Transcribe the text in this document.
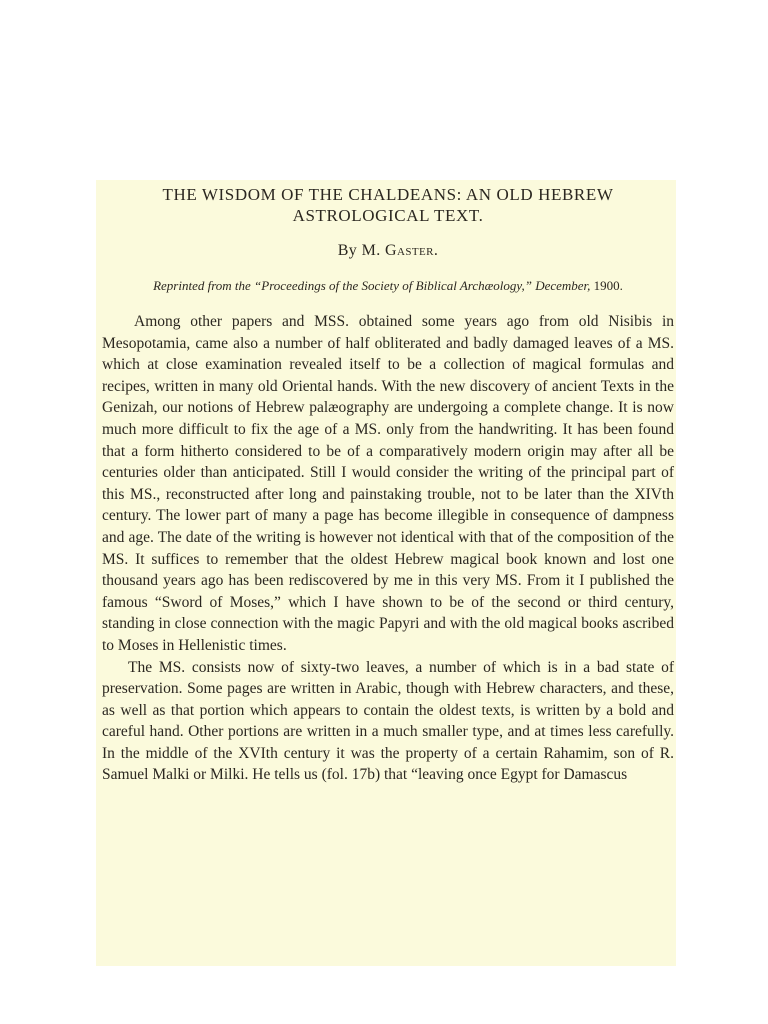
THE WISDOM OF THE CHALDEANS: AN OLD HEBREW
ASTROLOGICAL TEXT.
By M. Gaster.
Reprinted from the “Proceedings of the Society of Biblical Archæology,” December, 1900.

Among other papers and MSS. obtained some years ago from old Nisibis in Mesopotamia, came also a number of half obliterated and badly damaged leaves of a MS. which at close examination revealed itself to be a collection of magical formulas and recipes, written in many old Oriental hands. With the new discovery of ancient Texts in the Genizah, our notions of Hebrew palæography are undergoing a complete change. It is now much more difficult to fix the age of a MS. only from the handwriting. It has been found that a form hitherto considered to be of a comparatively modern origin may after all be centuries older than anticipated. Still I would consider the writing of the principal part of this MS., reconstructed after long and painstaking trouble, not to be later than the XIVth century. The lower part of many a page has become illegible in consequence of dampness and age. The date of the writing is however not identical with that of the composition of the MS. It suffices to remember that the oldest Hebrew magical book known and lost one thousand years ago has been rediscovered by me in this very MS. From it I published the famous “Sword of Moses,” which I have shown to be of the second or third century, standing in close connection with the magic Papyri and with the old magical books ascribed to Moses in Hellenistic times.

The MS. consists now of sixty-two leaves, a number of which is in a bad state of preservation. Some pages are written in Arabic, though with Hebrew characters, and these, as well as that portion which appears to contain the oldest texts, is written by a bold and careful hand. Other portions are written in a much smaller type, and at times less carefully. In the middle of the XVIth century it was the property of a certain Rahamim, son of R. Samuel Malki or Milki. He tells us (fol. 17b) that “leaving once Egypt for Damascus
